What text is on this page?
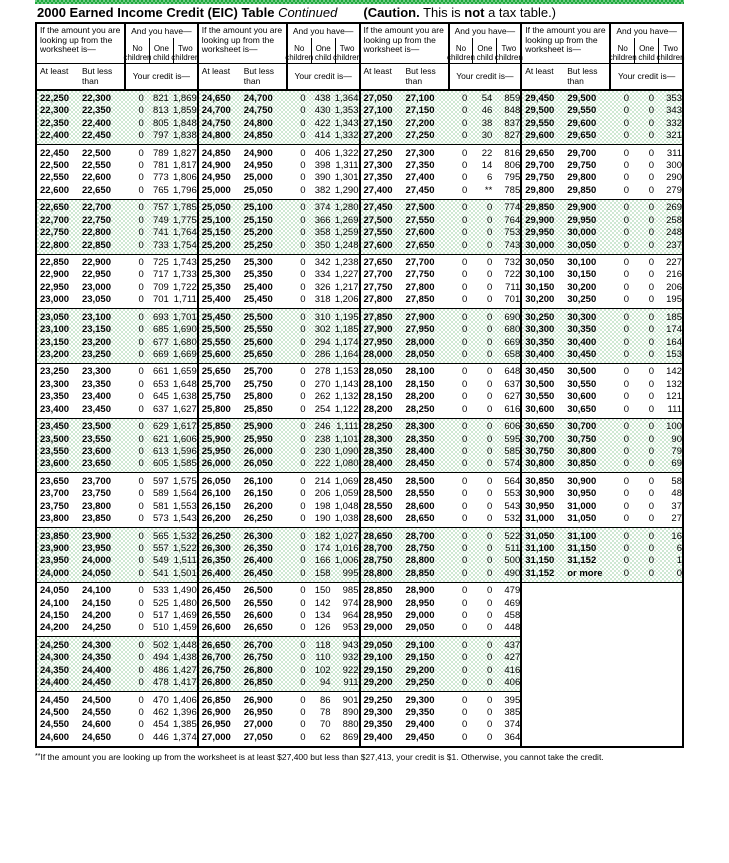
2000 Earned Income Credit (EIC) Table Continued (Caution. This is not a tax table.)
If the amount you are looking up from the worksheet is—
And you have—
No children
One child
Two children
At least	But less than	Your credit is—
22,250	22,300	0 821 1,869
22,300	22,350	0 813 1,859
22,350	22,400	0 805 1,848
22,400	22,450	0 797 1,838
22,450	22,500	0 789 1,827
22,500	22,550	0 781 1,817
22,550	22,600	0 773 1,806
22,600	22,650	0 765 1,796
22,650	22,700	0 757 1,785
22,700	22,750	0 749 1,775
22,750	22,800	0 741 1,764
22,800	22,850	0 733 1,754
22,850	22,900	0 725 1,743
22,900	22,950	0 717 1,733
22,950	23,000	0 709 1,722
23,000	23,050	0 701 1,711
23,050	23,100	0 693 1,701
23,100	23,150	0 685 1,690
23,150	23,200	0 677 1,680
23,200	23,250	0 669 1,669
23,250	23,300	0 661 1,659
23,300	23,350	0 653 1,648
23,350	23,400	0 645 1,638
23,400	23,450	0 637 1,627
23,450	23,500	0 629 1,617
23,500	23,550	0 621 1,606
23,550	23,600	0 613 1,596
23,600	23,650	0 605 1,585
23,650	23,700	0 597 1,575
23,700	23,750	0 589 1,564
23,750	23,800	0 581 1,553
23,800	23,850	0 573 1,543
23,850	23,900	0 565 1,532
23,900	23,950	0 557 1,522
23,950	24,000	0 549 1,511
24,000	24,050	0 541 1,501
24,050	24,100	0 533 1,490
24,100	24,150	0 525 1,480
24,150	24,200	0 517 1,469
24,200	24,250	0 510 1,459
24,250	24,300	0 502 1,448
24,300	24,350	0 494 1,438
24,350	24,400	0 486 1,427
24,400	24,450	0 478 1,417
24,450	24,500	0 470 1,406
24,500	24,550	0 462 1,396
24,550	24,600	0 454 1,385
24,600	24,650	0 446 1,374
If the amount you are looking up from the worksheet is—
And you have—
No children
One child
Two children
At least	But less than	Your credit is—
24,650	24,700	0 438 1,364
24,700	24,750	0 430 1,353
24,750	24,800	0 422 1,343
24,800	24,850	0 414 1,332
24,850	24,900	0 406 1,322
24,900	24,950	0 398 1,311
24,950	25,000	0 390 1,301
25,000	25,050	0 382 1,290
25,050	25,100	0 374 1,280
25,100	25,150	0 366 1,269
25,150	25,200	0 358 1,259
25,200	25,250	0 350 1,248
25,250	25,300	0 342 1,238
25,300	25,350	0 334 1,227
25,350	25,400	0 326 1,217
25,400	25,450	0 318 1,206
25,450	25,500	0 310 1,195
25,500	25,550	0 302 1,185
25,550	25,600	0 294 1,174
25,600	25,650	0 286 1,164
25,650	25,700	0 278 1,153
25,700	25,750	0 270 1,143
25,750	25,800	0 262 1,132
25,800	25,850	0 254 1,122
25,850	25,900	0 246 1,111
25,900	25,950	0 238 1,101
25,950	26,000	0 230 1,090
26,000	26,050	0 222 1,080
26,050	26,100	0 214 1,069
26,100	26,150	0 206 1,059
26,150	26,200	0 198 1,048
26,200	26,250	0 190 1,038
26,250	26,300	0 182 1,027
26,300	26,350	0 174 1,016
26,350	26,400	0 166 1,006
26,400	26,450	0 158	995
26,450	26,500	0 150	985
26,500	26,550	0 142	974
26,550	26,600	0 134	964
26,600	26,650	0 126	953
26,650	26,700	0	118	943
26,700	26,750	0	110	932
26,750	26,800	0 102	922
26,800	26,850	0	94	911
26,850	26,900	0	86	901
26,900	26,950	0	78	890
26,950	27,000	0	70	880
27,000	27,050	0	62	869
If the amount you are looking up from the worksheet is—
And you have—
No children
One child
Two children
At least	But less than	Your credit is—
27,050	27,100	0	54	859
27,100	27,150	0	46	848
27,150	27,200	0	38	837
27,200	27,250	0	30	827
27,250	27,300	0	22	816
27,300	27,350	0	14	806
27,350	27,400	0	6	795
27,400	27,450	0	**	785
27,450	27,500	0	0	774
27,500	27,550	0	0	764
27,550	27,600	0	0	753
27,600	27,650	0	0	743
27,650	27,700	0	0	732
27,700	27,750	0	0	722
27,750	27,800	0	0	711
27,800	27,850	0	0	701
27,850	27,900	0	0	690
27,900	27,950	0	0	680
27,950	28,000	0	0	669
28,000	28,050	0	0	658
28,050	28,100	0	0	648
28,100	28,150	0	0	637
28,150	28,200	0	0	627
28,200	28,250	0	0	616
28,250	28,300	0	0	606
28,300	28,350	0	0	595
28,350	28,400	0	0	585
28,400	28,450	0	0	574
28,450	28,500	0	0	564
28,500	28,550	0	0	553
28,550	28,600	0	0	543
28,600	28,650	0	0	532
28,650	28,700	0	0	522
28,700	28,750	0	0	511
28,750	28,800	0	0	500
28,800	28,850	0	0	490
28,850	28,900	0	0	479
28,900	28,950	0	0	469
28,950	29,000	0	0	458
29,000	29,050	0	0	448
29,050	29,100	0	0	437
29,100	29,150	0	0	427
29,150	29,200	0	0	416
29,200	29,250	0	0	406
29,250	29,300	0	0	395
29,300	29,350	0	0	385
29,350	29,400	0	0	374
29,400	29,450	0	0	364
If the amount you are looking up from the worksheet is—
And you have—
No children
One child
Two children
At least	But less than	Your credit is—
29,450	29,500	0	0	353
29,500	29,550	0	0	343
29,550	29,600	0	0	332
29,600	29,650	0	0	321
29,650	29,700	0	0	311
29,700	29,750	0	0	300
29,750	29,800	0	0	290
29,800	29,850	0	0	279
29,850	29,900	0	0	269
29,900	29,950	0	0	258
29,950	30,000	0	0	248
30,000	30,050	0	0	237
30,050	30,100	0	0	227
30,100	30,150	0	0	216
30,150	30,200	0	0	206
30,200	30,250	0	0	195
30,250	30,300	0	0	185
30,300	30,350	0	0	174
30,350	30,400	0	0	164
30,400	30,450	0	0	153
30,450	30,500	0	0	142
30,500	30,550	0	0	132
30,550	30,600	0	0	121
30,600	30,650	0	0	111
30,650	30,700	0	0	100
30,700	30,750	0	0	90
30,750	30,800	0	0	79
30,800	30,850	0	0	69
30,850	30,900	0	0	58
30,900	30,950	0	0	48
30,950	31,000	0	0	37
31,000	31,050	0	0	27
31,050	31,100	0	0	16
31,100	31,150	0	0	6
31,150	31,152	0	0	1
31,152	or more	0	0	0
**If the amount you are looking up from the worksheet is at least $27,400 but less than $27,413, your credit is $1. Otherwise, you cannot take the credit.
